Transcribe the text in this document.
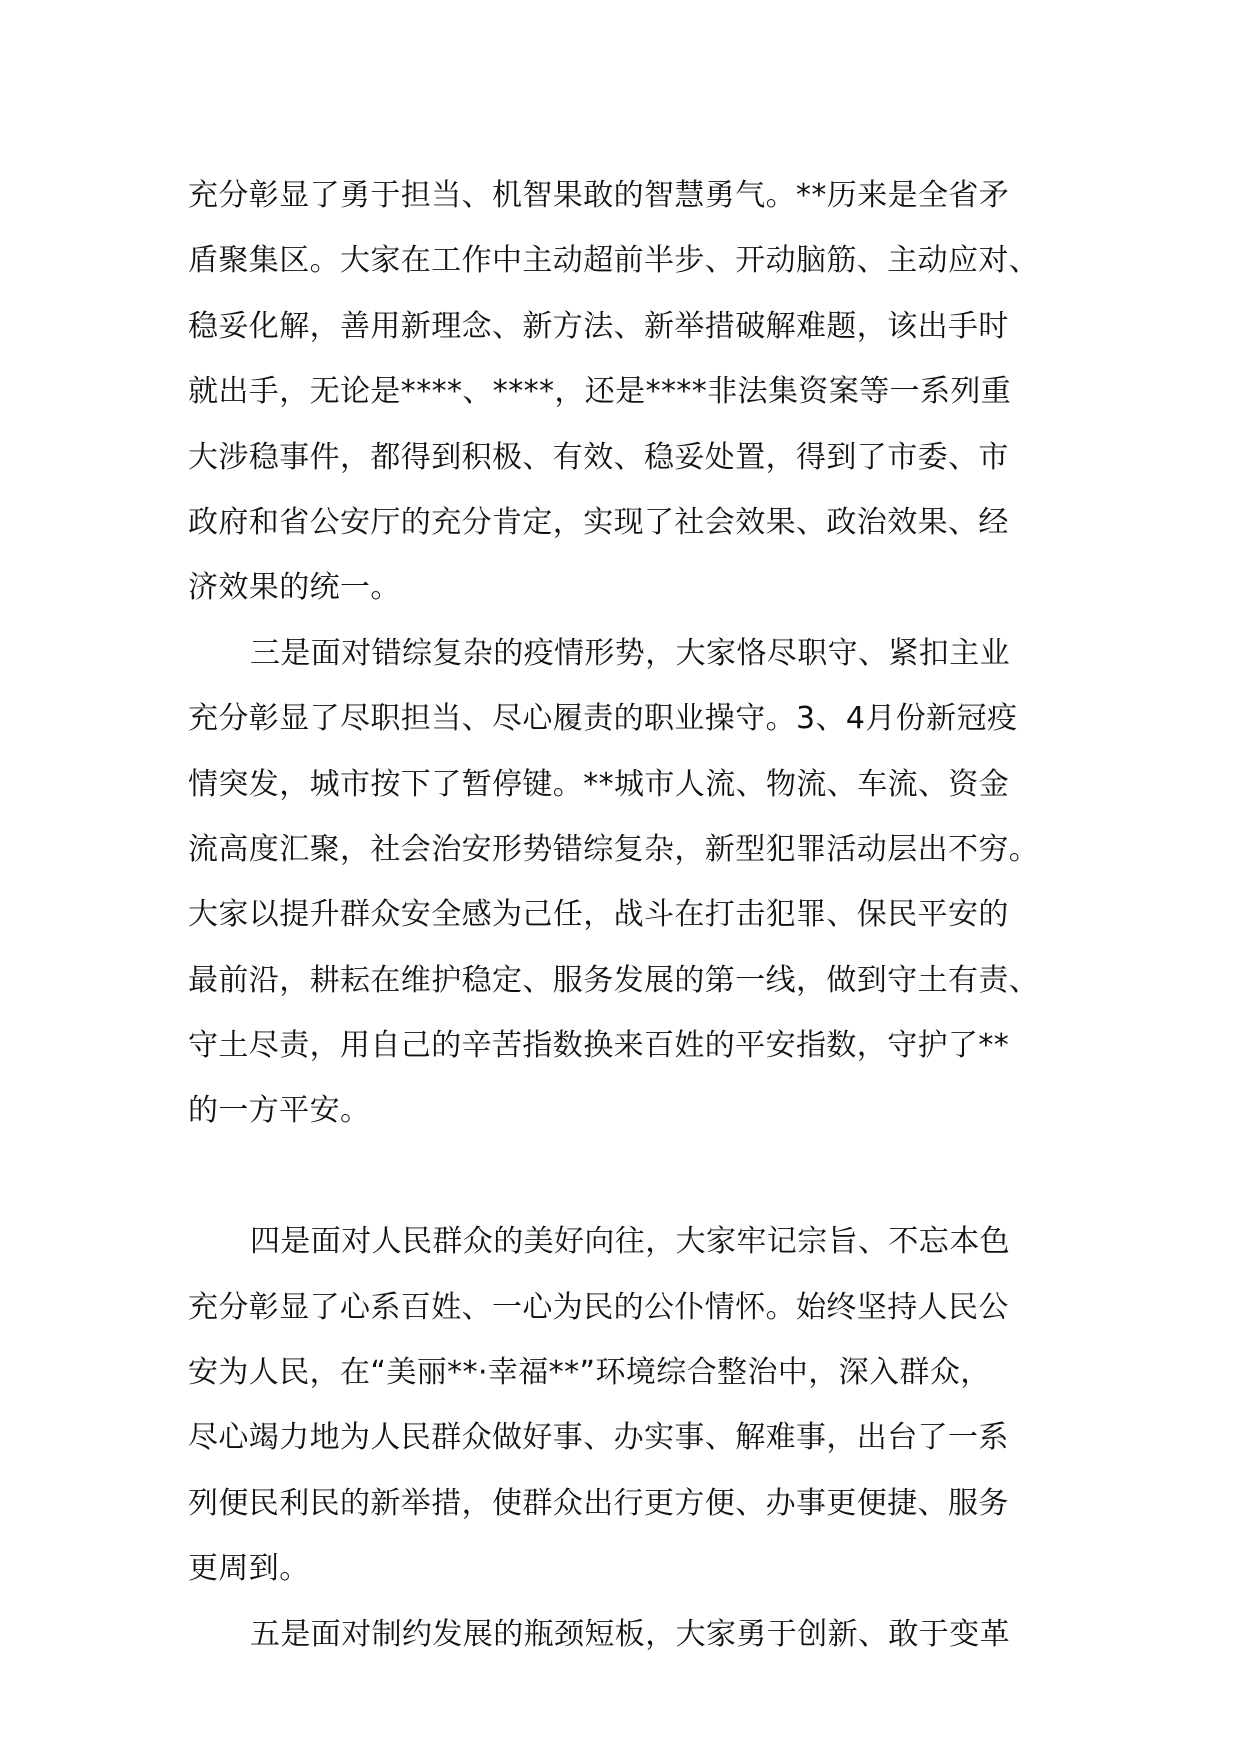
充分彰显了勇于担当、机智果敢的智慧勇气。**历来是全省矛
盾聚集区。大家在工作中主动超前半步、开动脑筋、主动应对、
稳妥化解，善用新理念、新方法、新举措破解难题，该出手时
就出手，无论是****、****，还是****非法集资案等一系列重
大涉稳事件，都得到积极、有效、稳妥处置，得到了市委、市
政府和省公安厅的充分肯定，实现了社会效果、政治效果、经
济效果的统一。
三是面对错综复杂的疫情形势，大家恪尽职守、紧扣主业
充分彰显了尽职担当、尽心履责的职业操守。3、4月份新冠疫
情突发，城市按下了暂停键。**城市人流、物流、车流、资金
流高度汇聚，社会治安形势错综复杂，新型犯罪活动层出不穷。
大家以提升群众安全感为己任，战斗在打击犯罪、保民平安的
最前沿，耕耘在维护稳定、服务发展的第一线，做到守土有责、
守土尽责，用自己的辛苦指数换来百姓的平安指数，守护了**
的一方平安。
四是面对人民群众的美好向往，大家牢记宗旨、不忘本色
充分彰显了心系百姓、一心为民的公仆情怀。始终坚持人民公
安为人民，在“美丽**·幸福**”环境综合整治中，深入群众，
尽心竭力地为人民群众做好事、办实事、解难事，出台了一系
列便民利民的新举措，使群众出行更方便、办事更便捷、服务
更周到。
五是面对制约发展的瓶颈短板，大家勇于创新、敢于变革
